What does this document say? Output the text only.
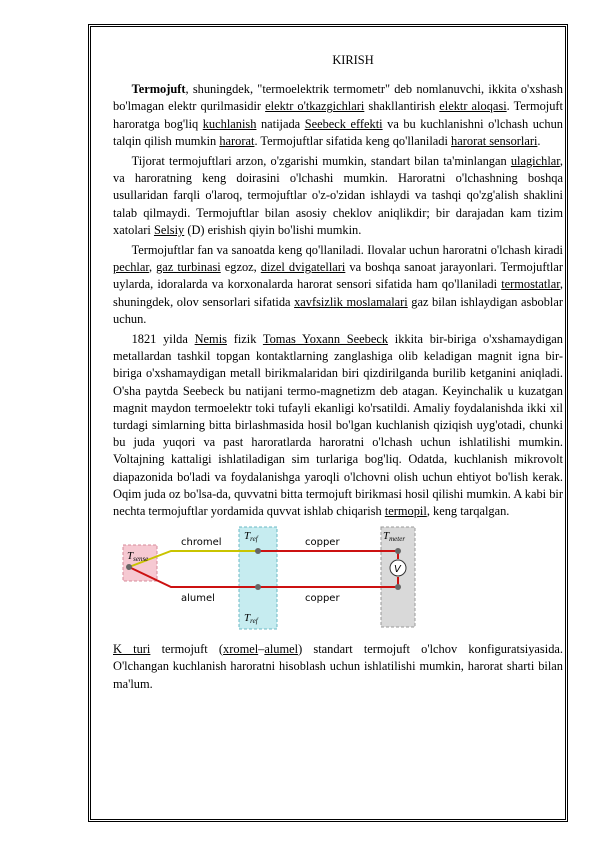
KIRISH

  Termojuft, shuningdek, "termoelektrik termometr" deb nomlanuvchi, ikkita o'xshash bo'lmagan elektr qurilmasidir elektr o'tkazgichlari shakllantirish elektr aloqasi. Termojuft haroratga bog'liq kuchlanish natijada Seebeck effekti va bu kuchlanishni o'lchash uchun talqin qilish mumkin harorat. Termojuftlar sifatida keng qo'llaniladi harorat sensorlari.

  Tijorat termojuftlari arzon, o'zgarishi mumkin, standart bilan ta'minlangan ulagichlar, va haroratning keng doirasini o'lchashi mumkin. Haroratni o'lchashning boshqa usullaridan farqli o'laroq, termojuftlar o'z-o'zidan ishlaydi va tashqi qo'zg'alish shaklini talab qilmaydi. Termojuftlar bilan asosiy cheklov aniqlikdir; bir darajadan kam tizim xatolari Selsiy (D) erishish qiyin bo'lishi mumkin.

  Termojuftlar fan va sanoatda keng qo'llaniladi. Ilovalar uchun haroratni o'lchash kiradi pechlar, gaz turbinasi egzoz, dizel dvigatellari va boshqa sanoat jarayonlari. Termojuftlar uylarda, idoralarda va korxonalarda harorat sensori sifatida ham qo'llaniladi termostatlar, shuningdek, olov sensorlari sifatida xavfsizlik moslamalari gaz bilan ishlaydigan asboblar uchun.

  1821 yilda Nemis fizik Tomas Yoxann Seebeck ikkita bir-biriga o'xshamaydigan metallardan tashkil topgan kontaktlarning zanglashiga olib keladigan magnit igna bir-biriga o'xshamaydigan metall birikmalaridan biri qizdirilganda burilib ketganini aniqladi. O'sha paytda Seebeck bu natijani termo-magnetizm deb atagan. Keyinchalik u kuzatgan magnit maydon termoelektr toki tufayli ekanligi ko'rsatildi. Amaliy foydalanishda ikki xil turdagi simlarning bitta birlashmasida hosil bo'lgan kuchlanish qiziqish uyg'otadi, chunki bu juda yuqori va past haroratlarda haroratni o'lchash uchun ishlatilishi mumkin. Voltajning kattaligi ishlatiladigan sim turlariga bog'liq. Odatda, kuchlanish mikrovolt diapazonida bo'ladi va foydalanishga yaroqli o'lchovni olish uchun ehtiyot bo'lish kerak. Oqim juda oz bo'lsa-da, quvvatni bitta termojuft birikmasi hosil qilishi mumkin. A kabi bir nechta termojuftlar yordamida quvvat ishlab chiqarish termopil, keng tarqalgan.

V
chromel
alumel
copper
copper
Tsense
Tref
Tref
Tmeter

K turi termojuft (xromel–alumel) standart termojuft o'lchov konfiguratsiyasida. O'lchangan kuchlanish haroratni hisoblash uchun ishlatilishi mumkin, harorat sharti bilan ma'lum.
